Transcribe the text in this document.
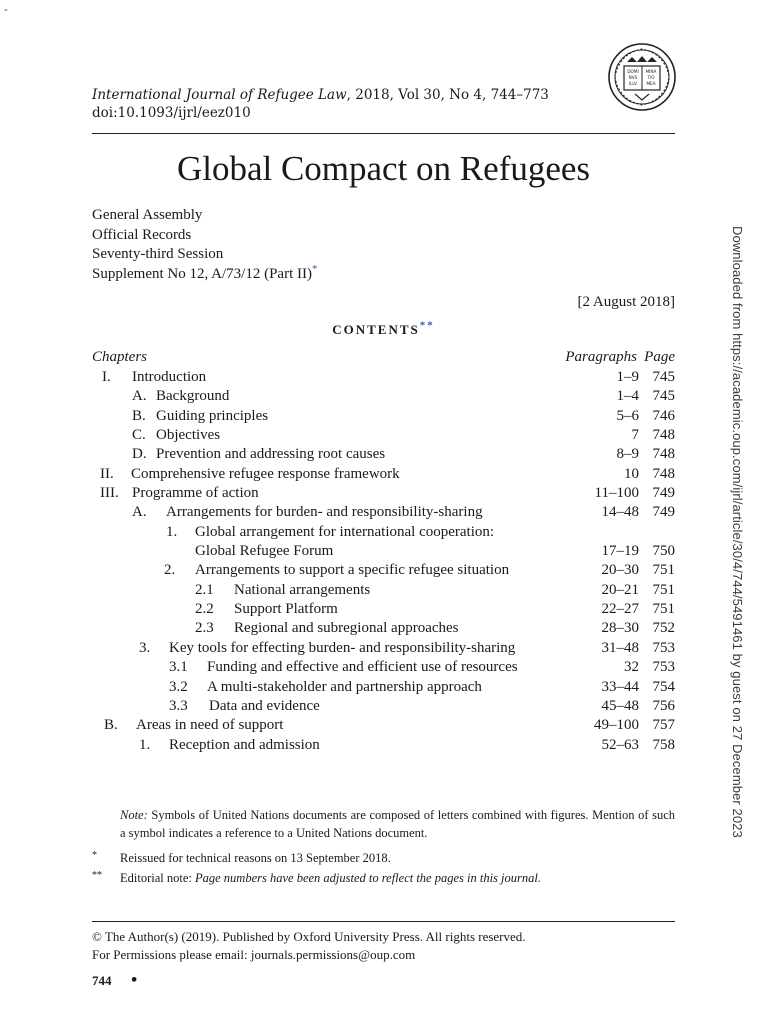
-
International Journal of Refugee Law, 2018, Vol 30, No 4, 744–773
doi:10.1093/ijrl/eez010
DOMI
NVS
ILLV
MINA
TIO
MEA
Global Compact on Refugees
General Assembly
Official Records
Seventy-third Session
Supplement No 12, A/73/12 (Part II)*
[2 August 2018]
CONTENTS**
Chapters	Paragraphs Page
I. Introduction	1–9 745
A. Background	1–4 745
B. Guiding principles	5–6 746
C. Objectives	7 748
D. Prevention and addressing root causes	8–9 748
II. Comprehensive refugee response framework	10 748
III. Programme of action	11–100 749
A. Arrangements for burden- and responsibility-sharing	14–48 749
1. Global arrangement for international cooperation:
Global Refugee Forum	17–19 750
2. Arrangements to support a specific refugee situation	20–30 751
2.1 National arrangements	20–21 751
2.2 Support Platform	22–27 751
2.3 Regional and subregional approaches	28–30 752
3. Key tools for effecting burden- and responsibility-sharing	31–48 753
3.1 Funding and effective and efficient use of resources	32 753
3.2 A multi-stakeholder and partnership approach	33–44 754
3.3 Data and evidence	45–48 756
B. Areas in need of support	49–100 757
1. Reception and admission	52–63 758
Note: Symbols of United Nations documents are composed of letters combined with figures. Mention of such a symbol indicates a reference to a United Nations document.
* Reissued for technical reasons on 13 September 2018.
** Editorial note: Page numbers have been adjusted to reflect the pages in this journal.
© The Author(s) (2019). Published by Oxford University Press. All rights reserved.
For Permissions please email: journals.permissions@oup.com
744 •
Downloaded from https://academic.oup.com/ijrl/article/30/4/744/5491461 by guest on 27 December 2023
